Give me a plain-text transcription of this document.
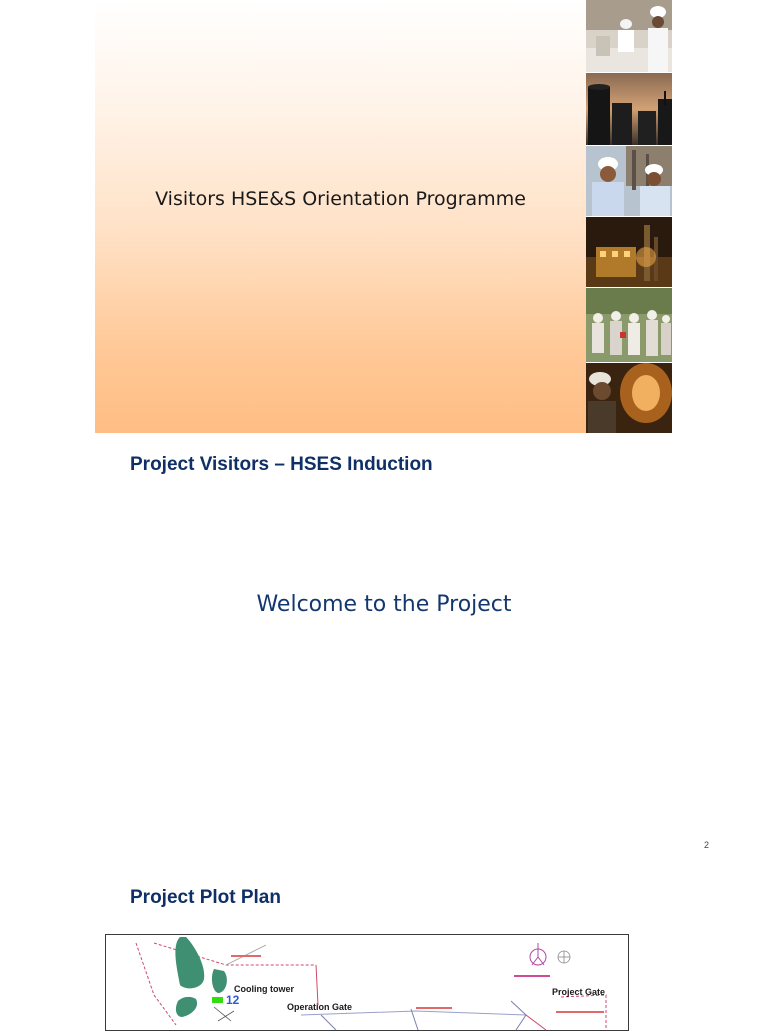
Visitors HSE&S Orientation Programme
Project Visitors – HSES Induction
Welcome to the Project
2
Project Plot Plan
Cooling tower
12	Operation Gate
Project Gate
